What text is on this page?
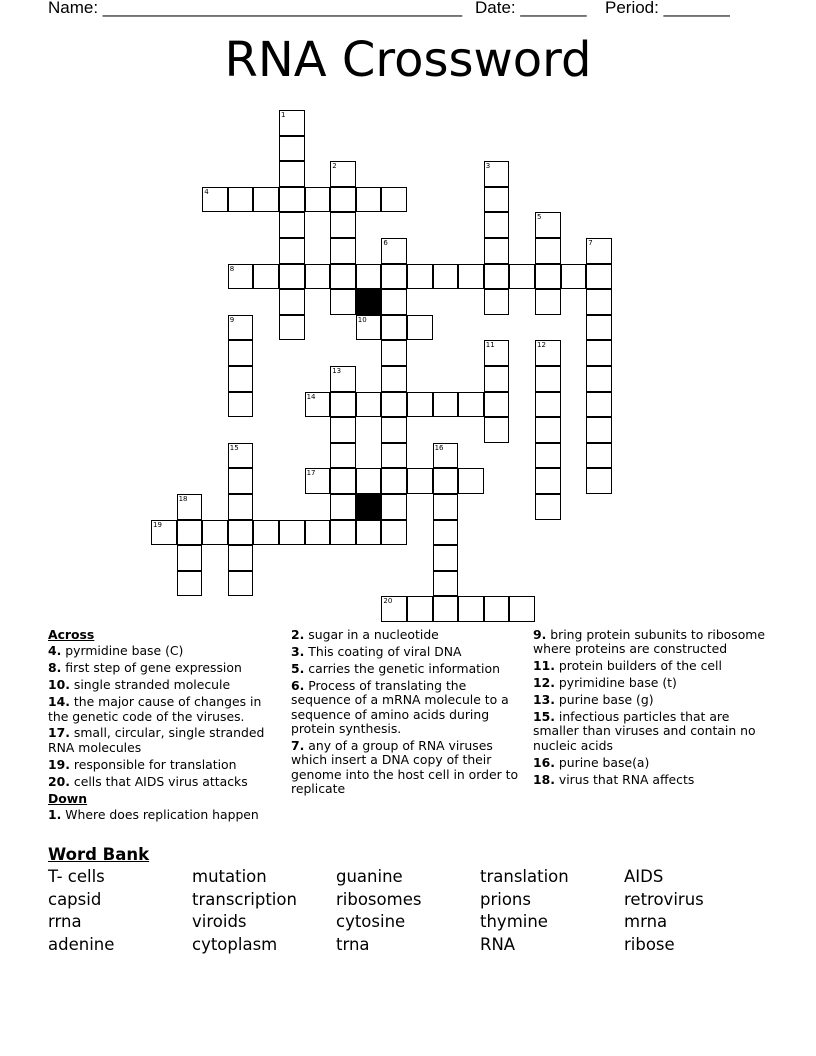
Name: ______________________________________ Date: _______ Period: _______
RNA Crossword
1
2	3
4
5
6	7
8
9	10
11	12
13
14
15	16
17
18
19
20
Across
4. pyrmidine base (C)
8. first step of gene expression
10. single stranded molecule
14. the major cause of changes in the genetic code of the viruses.
17. small, circular, single stranded RNA molecules
19. responsible for translation
20. cells that AIDS virus attacks
Down
1. Where does replication happen
2. sugar in a nucleotide
3. This coating of viral DNA
5. carries the genetic information
6. Process of translating the sequence of a mRNA molecule to a sequence of amino acids during protein synthesis.
7. any of a group of RNA viruses which insert a DNA copy of their genome into the host cell in order to replicate
9. bring protein subunits to ribosome where proteins are constructed
11. protein builders of the cell
12. pyrimidine base (t)
13. purine base (g)
15. infectious particles that are smaller than viruses and contain no nucleic acids
16. purine base(a)
18. virus that RNA affects
Word Bank
T- cells	mutation	guanine	translation	AIDS
capsid	transcription ribosomes	prions	retrovirus
rrna	viroids	cytosine	thymine	mrna
adenine	cytoplasm	trna	RNA	ribose
